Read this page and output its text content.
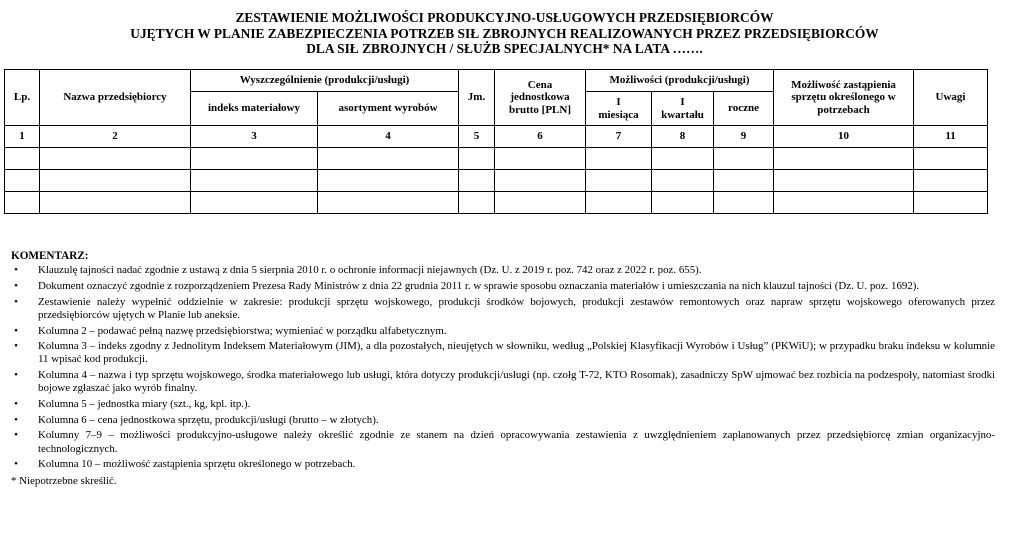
ZESTAWIENIE MOŻLIWOŚCI PRODUKCYJNO-USŁUGOWYCH PRZEDSIĘBIORCÓW
UJĘTYCH W PLANIE ZABEZPIECZENIA POTRZEB SIŁ ZBROJNYCH REALIZOWANYCH PRZEZ PRZEDSIĘBIORCÓW
DLA SIŁ ZBROJNYCH / SŁUŻB SPECJALNYCH* NA LATA …….
Lp.	Nazwa przedsiębiorcy	Wyszczególnienie (produkcji/usługi)		Jm.	Cena jednostkowa brutto [PLN]	Możliwości (produkcji/usługi)			Możliwość zastąpienia sprzętu określonego w potrzebach	Uwagi
		indeks materiałowy	asortyment wyrobów			I miesiąca	I kwartału	roczne		
1	2	3	4	5	6	7	8	9	10	11

KOMENTARZ:
• Klauzulę tajności nadać zgodnie z ustawą z dnia 5 sierpnia 2010 r. o ochronie informacji niejawnych (Dz. U. z 2019 r. poz. 742 oraz z 2022 r. poz. 655).
• Dokument oznaczyć zgodnie z rozporządzeniem Prezesa Rady Ministrów z dnia 22 grudnia 2011 r. w sprawie sposobu oznaczania materiałów i umieszczania na nich klauzul tajności (Dz. U. poz. 1692).
• Zestawienie należy wypełnić oddzielnie w zakresie: produkcji sprzętu wojskowego, produkcji środków bojowych, produkcji zestawów remontowych oraz napraw sprzętu wojskowego oferowanych przez przedsiębiorców ujętych w Planie lub aneksie.
• Kolumna 2 – podawać pełną nazwę przedsiębiorstwa; wymieniać w porządku alfabetycznym.
• Kolumna 3 – indeks zgodny z Jednolitym Indeksem Materiałowym (JIM), a dla pozostałych, nieujętych w słowniku, według „Polskiej Klasyfikacji Wyrobów i Usług” (PKWiU); w przypadku braku indeksu w kolumnie 11 wpisać kod produkcji.
• Kolumna 4 – nazwa i typ sprzętu wojskowego, środka materiałowego lub usługi, która dotyczy produkcji/usługi (np. czołg T-72, KTO Rosomak), zasadniczy SpW ujmować bez rozbicia na podzespoły, natomiast środki bojowe zgłaszać jako wyrób finalny.
• Kolumna 5 – jednostka miary (szt., kg, kpl. itp.).
• Kolumna 6 – cena jednostkowa sprzętu, produkcji/usługi (brutto – w złotych).
• Kolumny 7–9 – możliwości produkcyjno-usługowe należy określić zgodnie ze stanem na dzień opracowywania zestawienia z uwzględnieniem zaplanowanych przez przedsiębiorcę zmian organizacyjno-technologicznych.
• Kolumna 10 – możliwość zastąpienia sprzętu określonego w potrzebach.
* Niepotrzebne skreślić.
